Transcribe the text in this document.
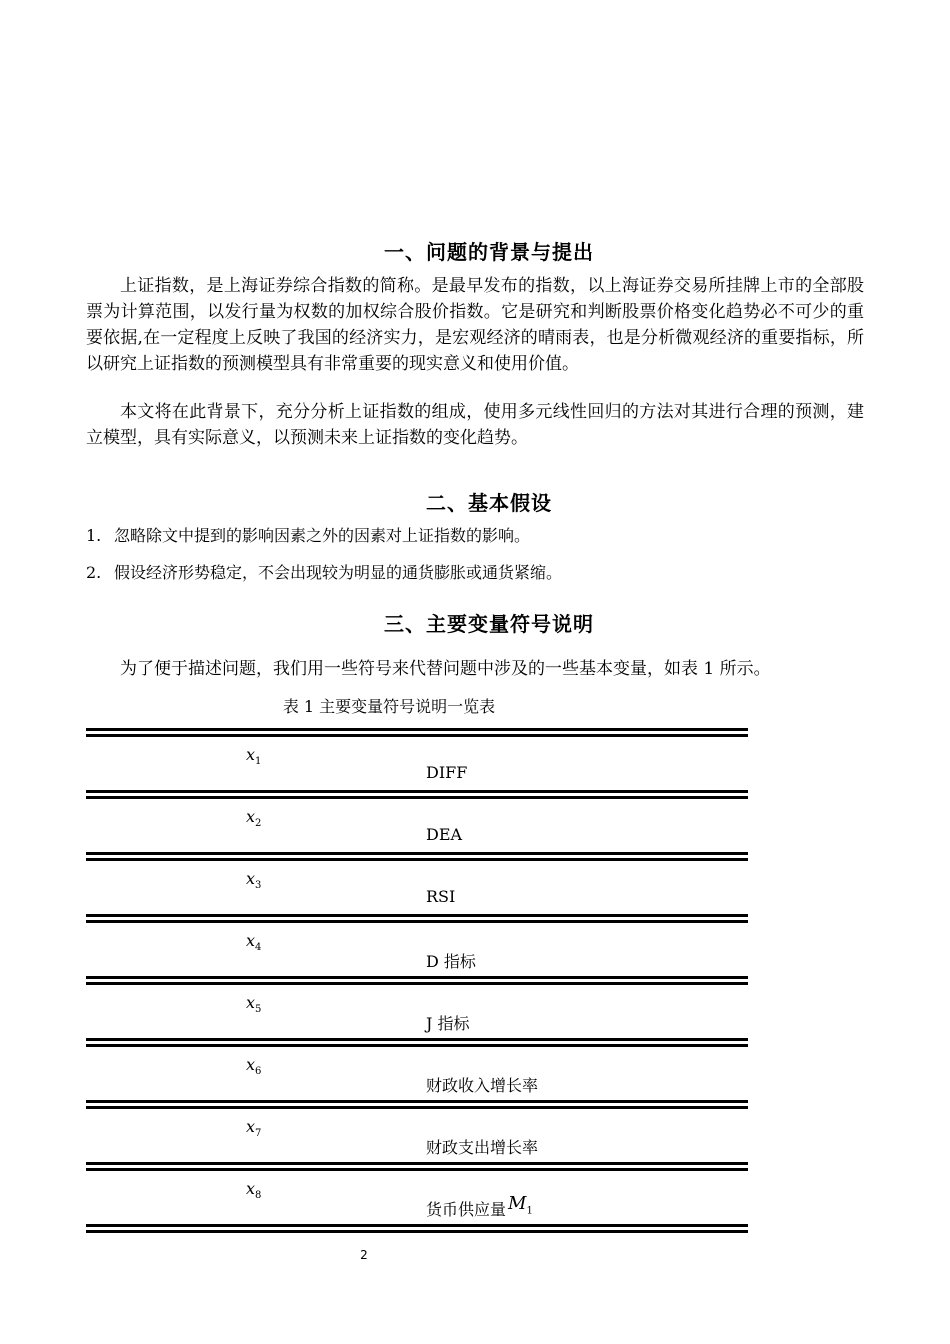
一、问题的背景与提出
上证指数，是上海证券综合指数的简称。是最早发布的指数，以上海证券交易所挂牌上市的全部股票为计算范围，以发行量为权数的加权综合股价指数。它是研究和判断股票价格变化趋势必不可少的重要依据,在一定程度上反映了我国的经济实力，是宏观经济的晴雨表，也是分析微观经济的重要指标，所以研究上证指数的预测模型具有非常重要的现实意义和使用价值。
本文将在此背景下，充分分析上证指数的组成，使用多元线性回归的方法对其进行合理的预测，建立模型，具有实际意义，以预测未来上证指数的变化趋势。
二、基本假设
1. 忽略除文中提到的影响因素之外的因素对上证指数的影响。
2. 假设经济形势稳定，不会出现较为明显的通货膨胀或通货紧缩。
三、主要变量符号说明
为了便于描述问题，我们用一些符号来代替问题中涉及的一些基本变量，如表 1 所示。
表 1 主要变量符号说明一览表
$x_1$
DIFF
$x_2$
DEA
$x_3$
RSI
$x_4$
D 指标
$x_5$
J 指标
$x_6$
财政收入增长率
$x_7$
财政支出增长率
$x_8$
货币供应量 $M_1$
2
